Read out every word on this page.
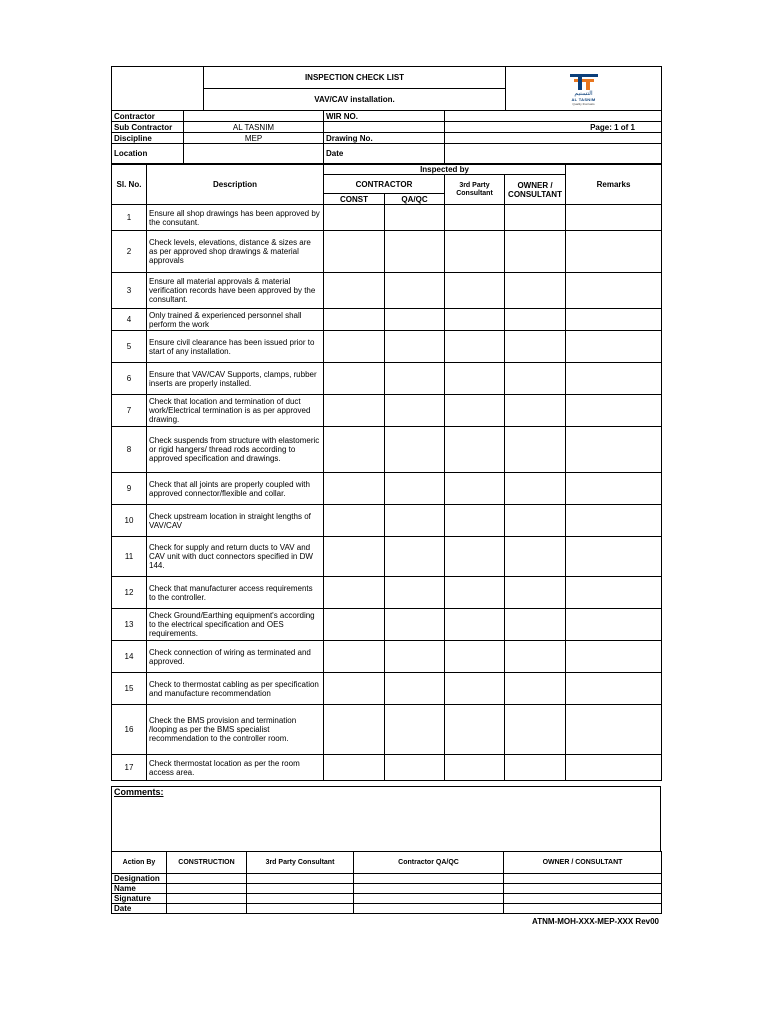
	INSPECTION CHECK LIST	
التسنيم
AL TASNIM
Quality that lasts

VAV/CAV installation.
Contractor		WIR NO.	
Sub Contractor	AL TASNIM		Page: 1 of 1
Discipline	MEP	Drawing No.	
Location		Date	
Sl. No.	Description	Inspected by				Remarks
		CONTRACTOR		3rd Party Consultant	OWNER / CONSULTANT	
		CONST	QA/QC			
1	Ensure all shop drawings has been approved by the consutant.					
2	Check levels, elevations, distance & sizes are as per approved shop drawings & material approvals					
3	Ensure all material approvals & material verification records have been approved by the consultant.					
4	Only trained & experienced personnel shall perform the work					
5	Ensure civil clearance has been issued prior to start of any installation.					
6	Ensure that VAV/CAV Supports, clamps, rubber inserts are properly installed.					
7	Check that location and termination of duct work/Electrical termination is as per approved drawing.					
8	Check suspends from structure with elastomeric or rigid hangers/ thread rods according to approved specification and drawings.					
9	Check that all joints are properly coupled with approved connector/flexible and collar.					
10	Check upstream location in straight lengths of VAV/CAV					
11	Check for supply and return ducts to VAV and CAV unit with duct connectors specified in DW 144.					
12	Check that manufacturer access requirements to the controller.					
13	Check Ground/Earthing equipment's according to the electrical specification and OES requirements.					
14	Check connection of wiring as terminated and approved.					
15	Check to thermostat cabling as per specification and manufacture recommendation					
16	Check the BMS provision and termination /looping as per the BMS specialist recommendation to the controller room.					
17	Check thermostat location as per the room access area.					
Comments:
Action By	CONSTRUCTION	3rd Party Consultant	Contractor QA/QC	OWNER / CONSULTANT
Designation				
Name				
Signature				
Date				
ATNM-MOH-XXX-MEP-XXX Rev00
